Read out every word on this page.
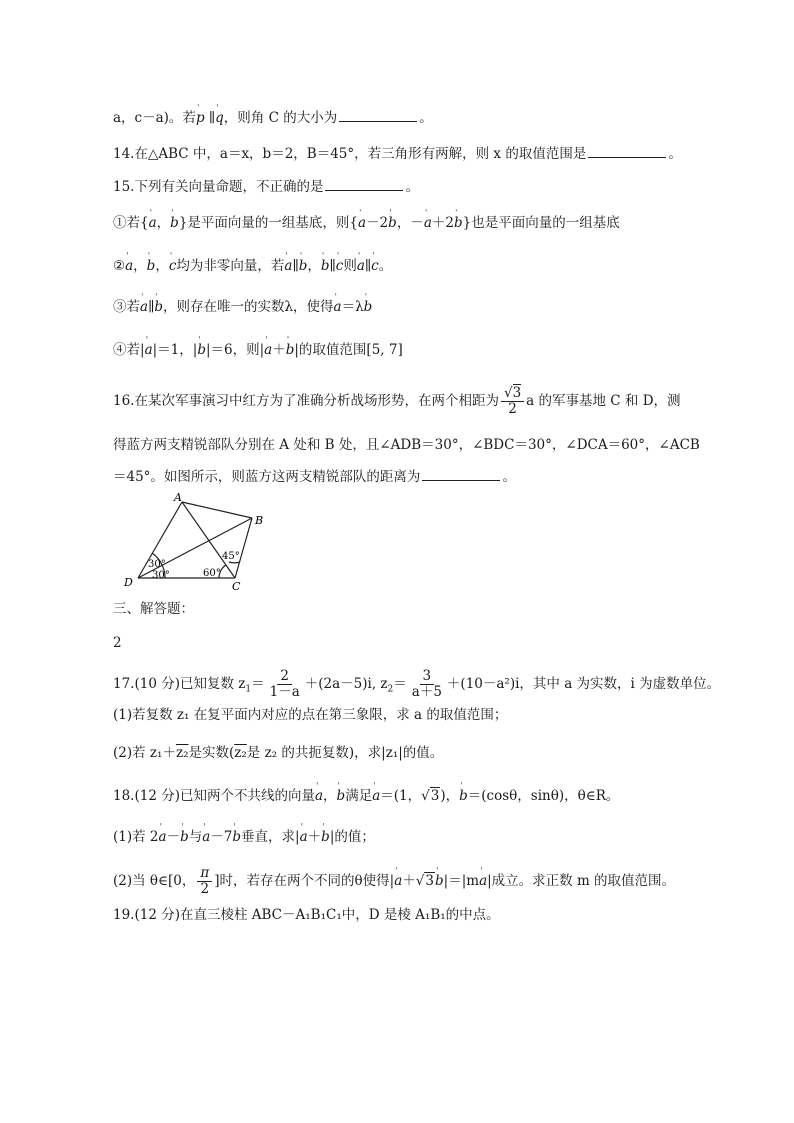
a，c－a)。若' p ∥' q，则角 C 的大小为	。
14.在△ABC 中，a＝x，b＝2，B＝45°，若三角形有两解，则 x 的取值范围是	。
15.下列有关向量命题，不正确的是	。
①若{' a，' b}是平面向量的一组基底，则{' a－2' b，－' a＋2' b}也是平面向量的一组基底
②' a，' b，' c均为非零向量，若' a∥' b，' b∥' c则' a∥' c。
③若' a∥' b，则存在唯一的实数λ，使得' a＝λ' b
④若|' a|＝1，|' b|＝6，则|' a＋' b|的取值范围[5, 7]
16.在某次军事演习中红方为了准确分析战场形势，在两个相距为 $\frac{√3}{2}$ a 的军事基地 C 和 D，测
得蓝方两支精锐部队分别在 A 处和 B 处，且∠ADB＝30°，∠BDC＝30°，∠DCA＝60°，∠ACB
＝45°。如图所示，则蓝方这两支精锐部队的距离为	。
A
B
C
D
30°
30°	60°
45°
三、解答题：
2
17.(10 分)已知复数 $z_1= \frac{2}{1-a} +(2a-5)i$, $z_2= \frac{3}{a+5} +(10-a^2)i$，其中 a 为实数，i 为虚数单位。
(1)若复数 z₁ 在复平面内对应的点在第三象限，求 a 的取值范围；
(2)若 z₁＋z₂是实数(z₂是 z₂ 的共扼复数)，求|z₁|的值。
18.(12 分)已知两个不共线的向量' a，' b满足' a＝(1，√3)，' b＝(cosθ，sinθ)，θ∈R。
(1)若 2' a－' b与' a－7' b垂直，求|' a＋' b|的值；
(2)当 θ∈[0， $\frac{\pi}{2}$ ]时，若存在两个不同的θ使得|' a＋√3' b|＝|m' a|成立。求正数 m 的取值范围。
19.(12 分)在直三棱柱 ABC－A₁B₁C₁中，D 是棱 A₁B₁的中点。
